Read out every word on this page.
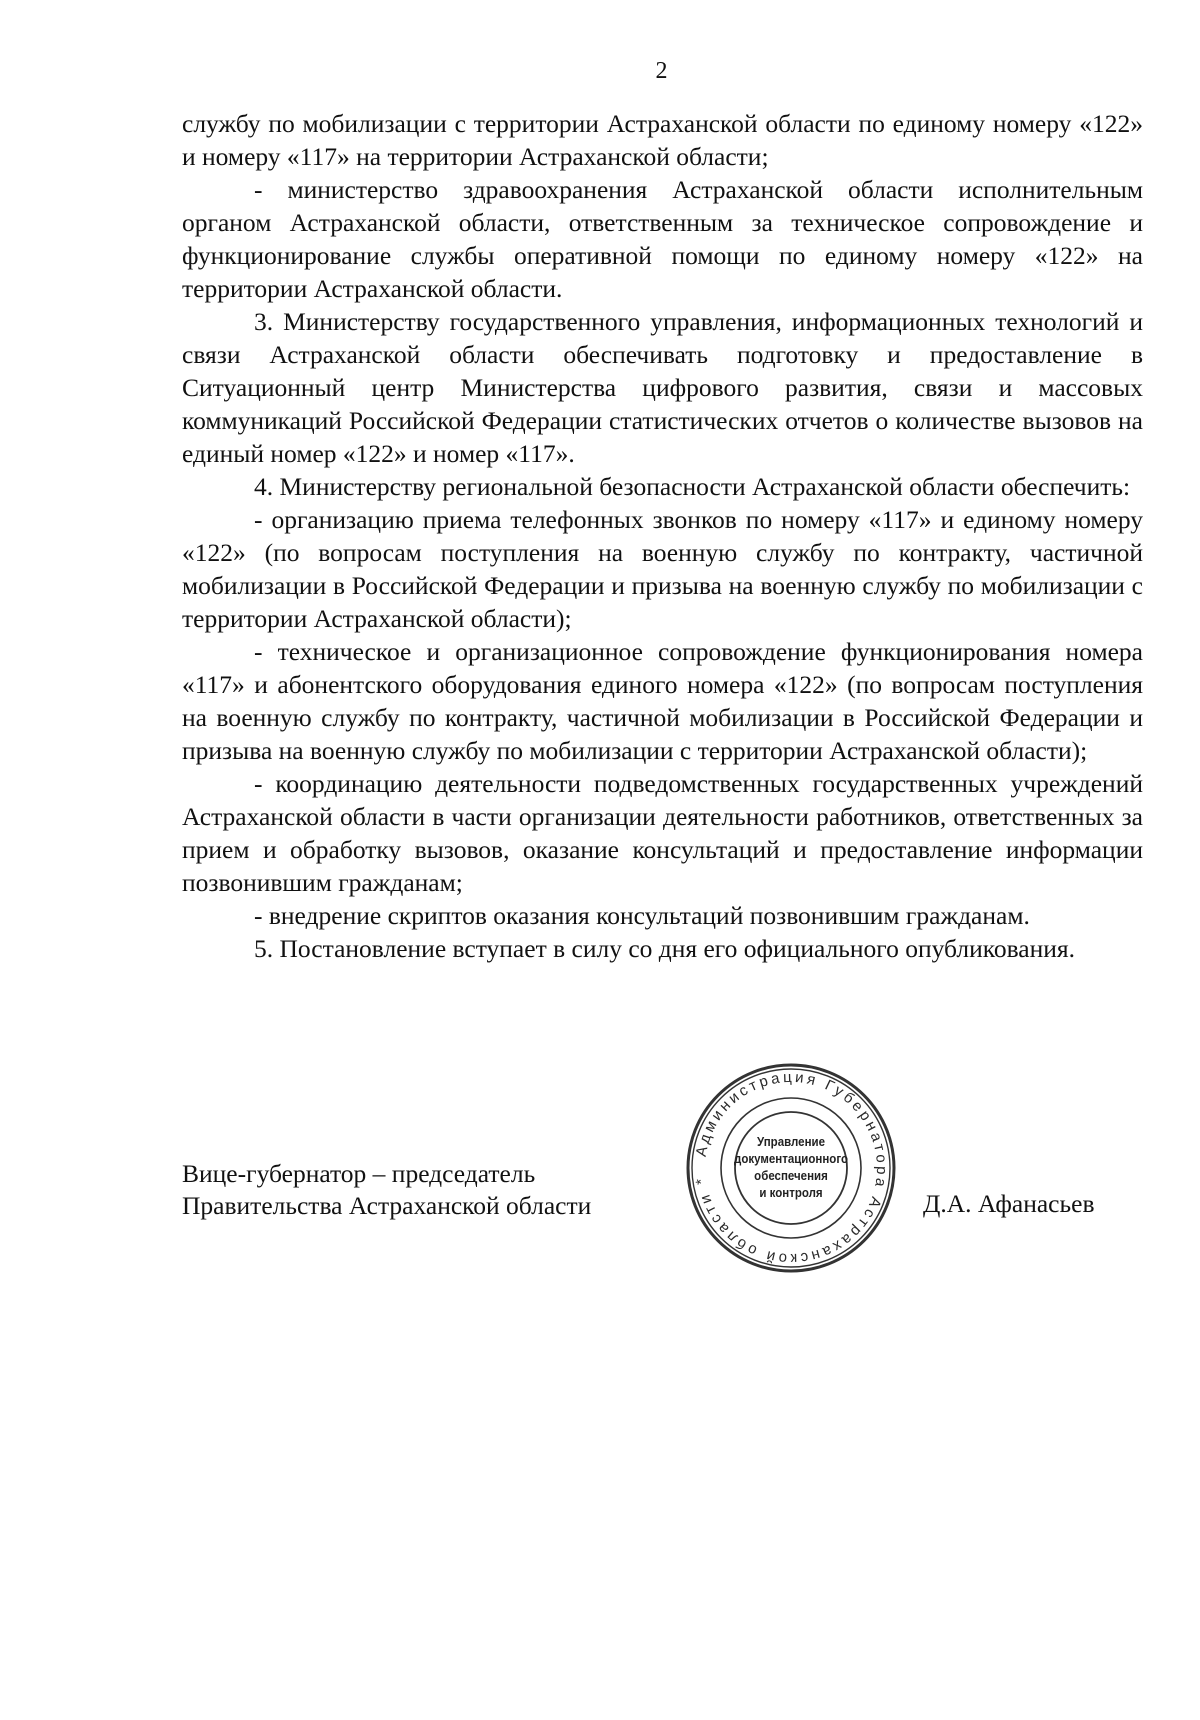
2

службу по мобилизации с территории Астраханской области по единому номеру «122» и номеру «117» на территории Астраханской области;

- министерство здравоохранения Астраханской области исполнительным органом Астраханской области, ответственным за техническое сопровождение и функционирование службы оперативной помощи по единому номеру «122» на территории Астраханской области.

3. Министерству государственного управления, информационных технологий и связи Астраханской области обеспечивать подготовку и предоставление в Ситуационный центр Министерства цифрового развития, связи и массовых коммуникаций Российской Федерации статистических отчетов о количестве вызовов на единый номер «122» и номер «117».

4. Министерству региональной безопасности Астраханской области обеспечить:

- организацию приема телефонных звонков по номеру «117» и единому номеру «122» (по вопросам поступления на военную службу по контракту, частичной мобилизации в Российской Федерации и призыва на военную службу по мобилизации с территории Астраханской области);

- техническое и организационное сопровождение функционирования номера «117» и абонентского оборудования единого номера «122» (по вопросам поступления на военную службу по контракту, частичной мобилизации в Российской Федерации и призыва на военную службу по мобилизации с территории Астраханской области);

- координацию деятельности подведомственных государственных учреждений Астраханской области в части организации деятельности работников, ответственных за прием и обработку вызовов, оказание консультаций и предоставление информации позвонившим гражданам;

- внедрение скриптов оказания консультаций позвонившим гражданам.

5. Постановление вступает в силу со дня его официального опубликования.

Вице-губернатор – председатель
Правительства Астраханской области	Д.А. Афанасьев
Администрация Губернатора Астраханской области *
Управление
документационного
обеспечения
и контроля
